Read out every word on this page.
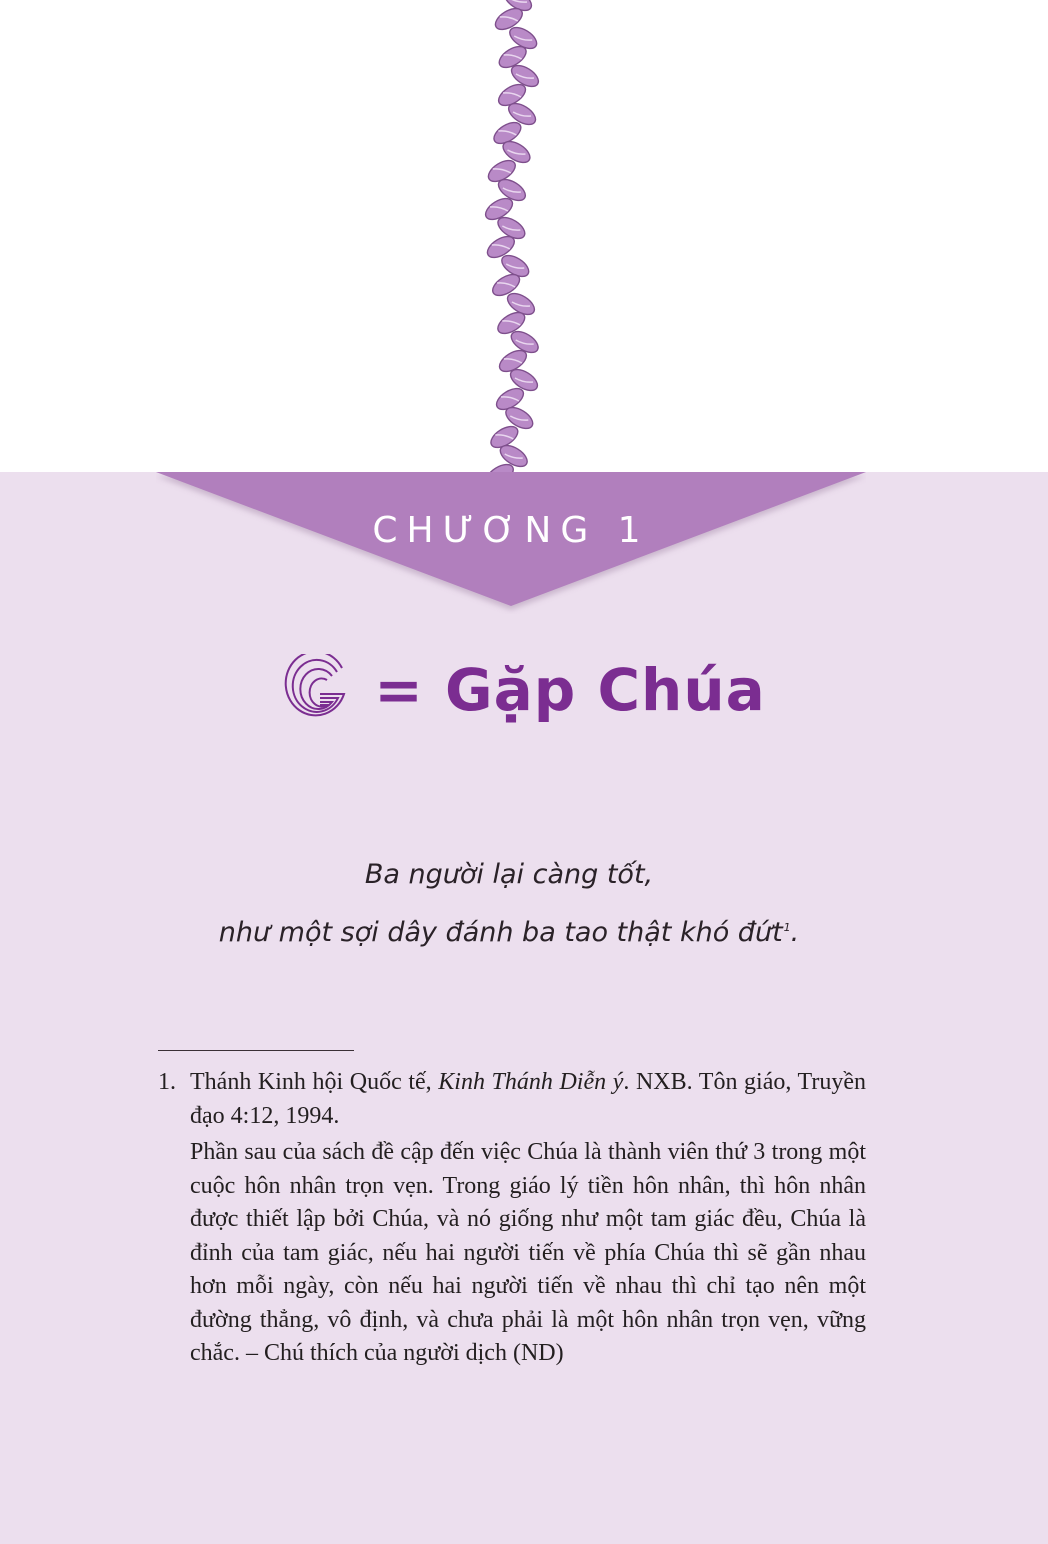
CHƯƠNG 1
= Gặp Chúa
Ba người lại càng tốt,
như một sợi dây đánh ba tao thật khó đứt$^1$.
1. Thánh Kinh hội Quốc tế, Kinh Thánh Diễn ý. NXB. Tôn giáo, Truyền đạo 4:12, 1994.
Phần sau của sách đề cập đến việc Chúa là thành viên thứ 3 trong một cuộc hôn nhân trọn vẹn. Trong giáo lý tiền hôn nhân, thì hôn nhân được thiết lập bởi Chúa, và nó giống như một tam giác đều, Chúa là đỉnh của tam giác, nếu hai người tiến về phía Chúa thì sẽ gần nhau hơn mỗi ngày, còn nếu hai người tiến về nhau thì chỉ tạo nên một đường thẳng, vô định, và chưa phải là một hôn nhân trọn vẹn, vững chắc. – Chú thích của người dịch (ND)
